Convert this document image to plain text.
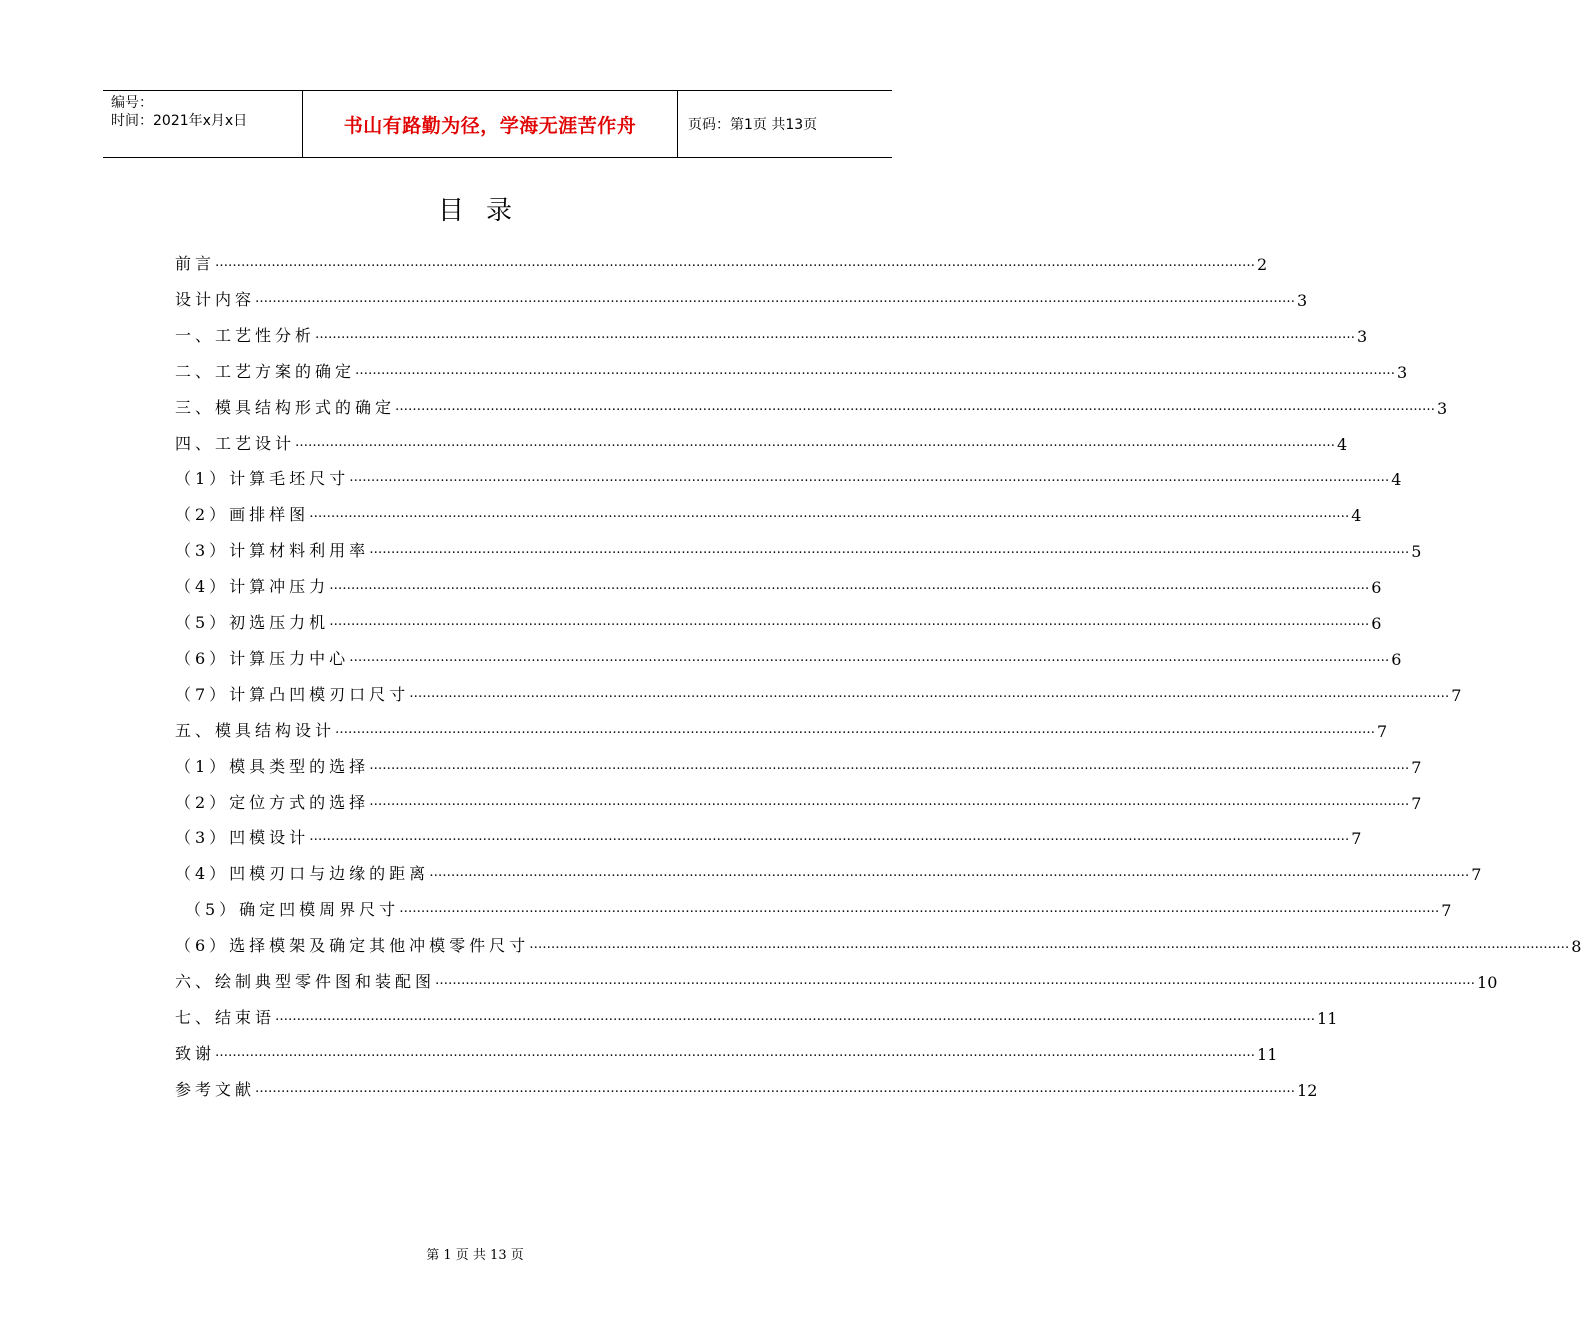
编号：
时间：2021年x月x日	书山有路勤为径，学海无涯苦作舟	页码：第1页 共13页
目录
前言 …………………………………………………………………………………………………………………………………………………………………………………………………………………… 2
设计内容 …………………………………………………………………………………………………………………………………………………………………………………………………………………… 3
一、工艺性分析 …………………………………………………………………………………………………………………………………………………………………………………………………………………… 3
二、工艺方案的确定 …………………………………………………………………………………………………………………………………………………………………………………………………………………… 3
三、模具结构形式的确定 …………………………………………………………………………………………………………………………………………………………………………………………………………………… 3
四、工艺设计 …………………………………………………………………………………………………………………………………………………………………………………………………………………… 4
（1）计算毛坯尺寸 …………………………………………………………………………………………………………………………………………………………………………………………………………………… 4
（2）画排样图 …………………………………………………………………………………………………………………………………………………………………………………………………………………… 4
（3）计算材料利用率 …………………………………………………………………………………………………………………………………………………………………………………………………………………… 5
（4）计算冲压力 …………………………………………………………………………………………………………………………………………………………………………………………………………………… 6
（5）初选压力机 …………………………………………………………………………………………………………………………………………………………………………………………………………………… 6
（6）计算压力中心 …………………………………………………………………………………………………………………………………………………………………………………………………………………… 6
（7）计算凸凹模刃口尺寸 …………………………………………………………………………………………………………………………………………………………………………………………………………………… 7
五、模具结构设计 …………………………………………………………………………………………………………………………………………………………………………………………………………………… 7
（1）模具类型的选择 …………………………………………………………………………………………………………………………………………………………………………………………………………………… 7
（2）定位方式的选择 …………………………………………………………………………………………………………………………………………………………………………………………………………………… 7
（3）凹模设计 …………………………………………………………………………………………………………………………………………………………………………………………………………………… 7
（4）凹模刃口与边缘的距离 …………………………………………………………………………………………………………………………………………………………………………………………………………………… 7
（5）确定凹模周界尺寸 …………………………………………………………………………………………………………………………………………………………………………………………………………………… 7
（6）选择模架及确定其他冲模零件尺寸 …………………………………………………………………………………………………………………………………………………………………………………………………………………… 8
六、绘制典型零件图和装配图 …………………………………………………………………………………………………………………………………………………………………………………………………………………… 10
七、结束语 …………………………………………………………………………………………………………………………………………………………………………………………………………………… 11
致谢 …………………………………………………………………………………………………………………………………………………………………………………………………………………… 11
参考文献 …………………………………………………………………………………………………………………………………………………………………………………………………………………… 12
第 1 页 共 13 页
